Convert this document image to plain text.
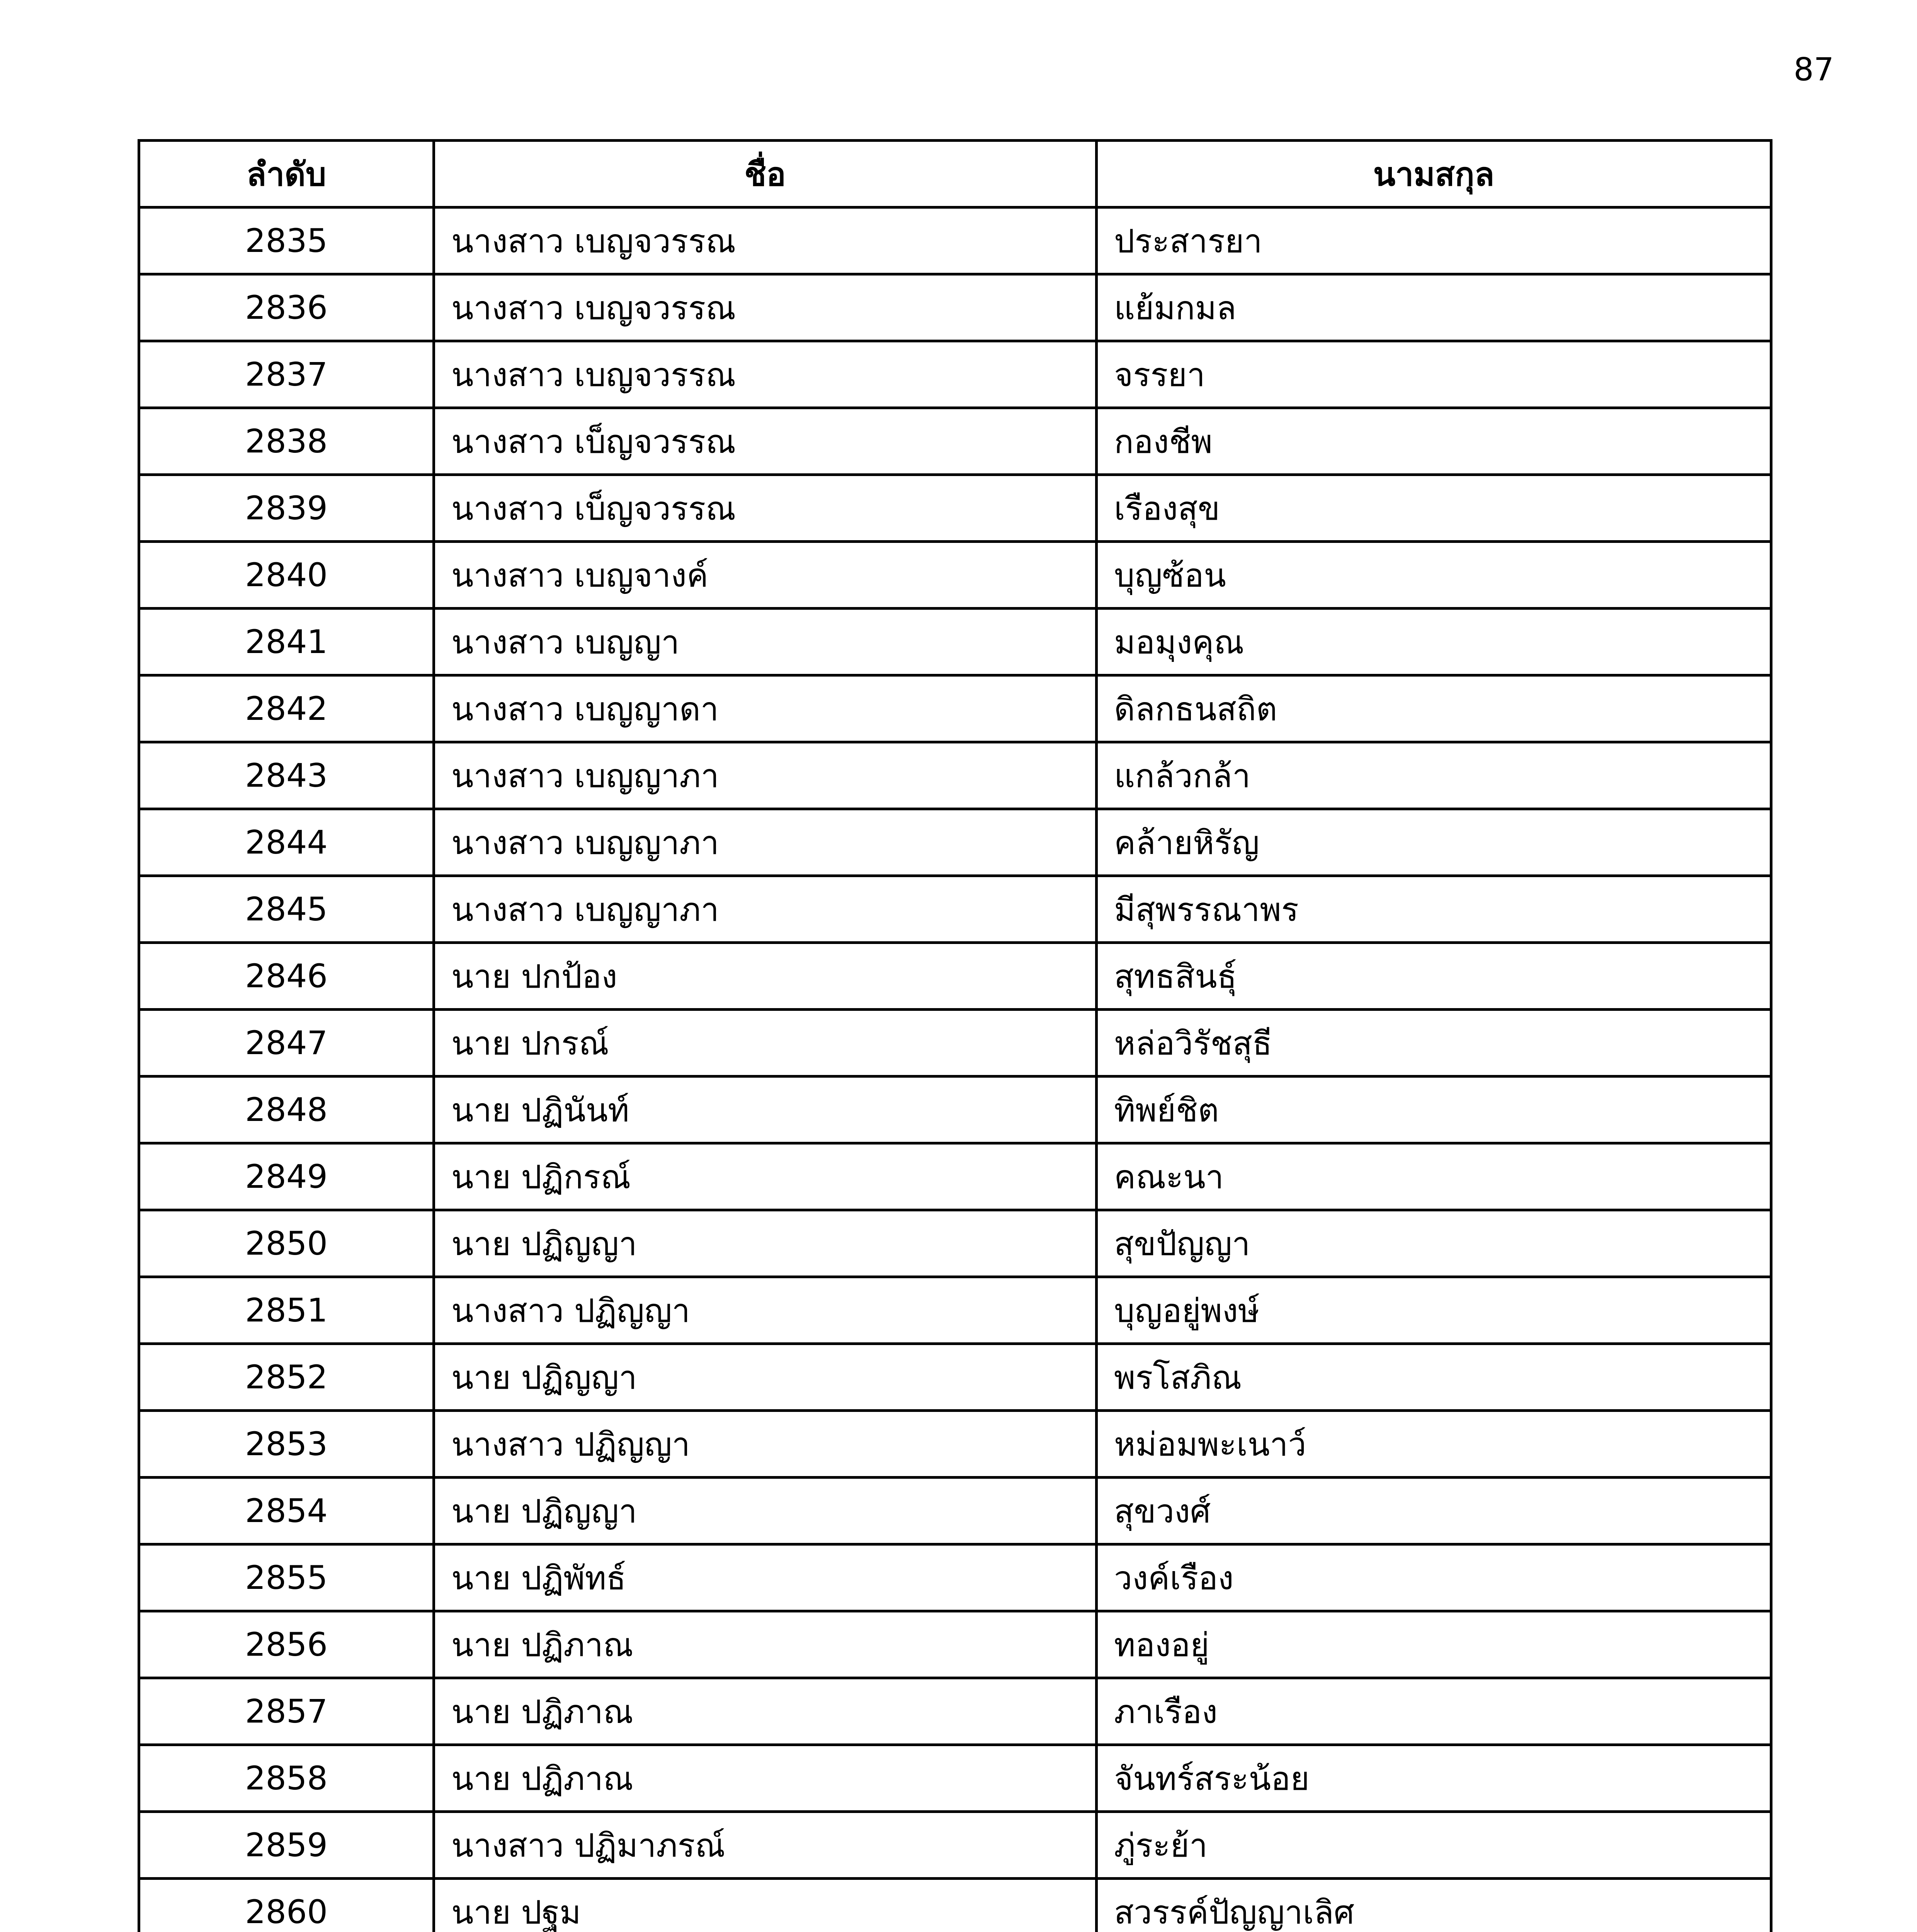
87
ลำดับ	ชื่อ	นามสกุล
2835	นางสาว เบญจวรรณ	ประสารยา
2836	นางสาว เบญจวรรณ	แย้มกมล
2837	นางสาว เบญจวรรณ	จรรยา
2838	นางสาว เบ็ญจวรรณ	กองชีพ
2839	นางสาว เบ็ญจวรรณ	เรืองสุข
2840	นางสาว เบญจางค์	บุญซ้อน
2841	นางสาว เบญญา	มอมุงคุณ
2842	นางสาว เบญญาดา	ดิลกธนสถิต
2843	นางสาว เบญญาภา	แกล้วกล้า
2844	นางสาว เบญญาภา	คล้ายหิรัญ
2845	นางสาว เบญญาภา	มีสุพรรณาพร
2846	นาย ปกป้อง	สุทธสินธุ์
2847	นาย ปกรณ์	หล่อวิรัชสุธี
2848	นาย ปฏินันท์	ทิพย์ชิต
2849	นาย ปฏิกรณ์	คณะนา
2850	นาย ปฏิญญา	สุขปัญญา
2851	นางสาว ปฏิญญา	บุญอยู่พงษ์
2852	นาย ปฏิญญา	พรโสภิณ
2853	นางสาว ปฏิญญา	หม่อมพะเนาว์
2854	นาย ปฏิญญา	สุขวงศ์
2855	นาย ปฏิพัทธ์	วงค์เรือง
2856	นาย ปฏิภาณ	ทองอยู่
2857	นาย ปฏิภาณ	ภาเรือง
2858	นาย ปฏิภาณ	จันทร์สระน้อย
2859	นางสาว ปฏิมาภรณ์	ภู่ระย้า
2860	นาย ปฐม	สวรรค์ปัญญาเลิศ
